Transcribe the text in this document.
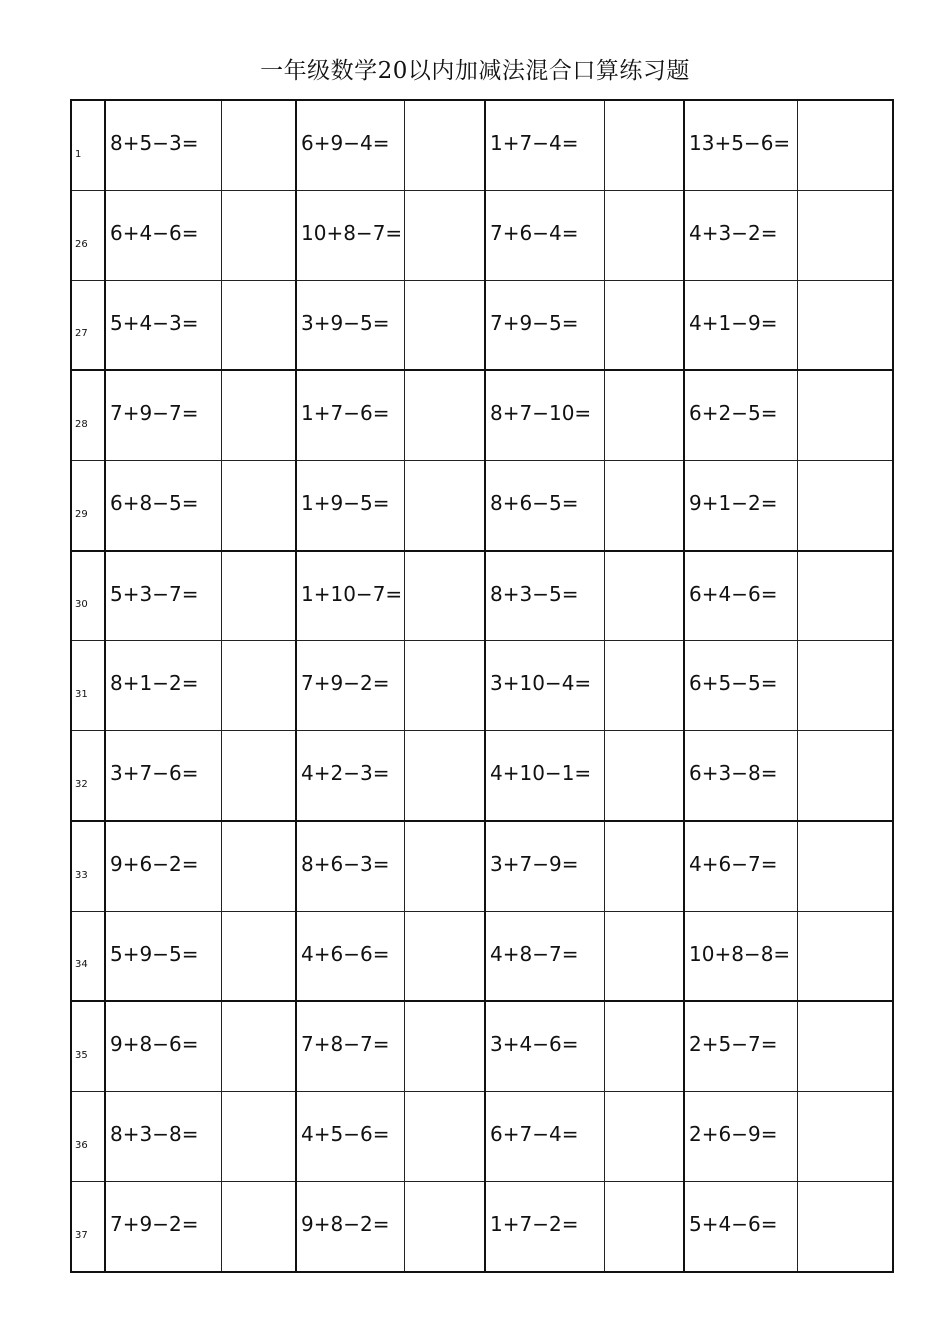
一年级数学20以内加减法混合口算练习题
1	8+5−3=		6+9−4=		1+7−4=		13+5−6=	
26	6+4−6=		10+8−7=		7+6−4=		4+3−2=	
27	5+4−3=		3+9−5=		7+9−5=		4+1−9=	
28	7+9−7=		1+7−6=		8+7−10=		6+2−5=	
29	6+8−5=		1+9−5=		8+6−5=		9+1−2=	
30	5+3−7=		1+10−7=		8+3−5=		6+4−6=	
31	8+1−2=		7+9−2=		3+10−4=		6+5−5=	
32	3+7−6=		4+2−3=		4+10−1=		6+3−8=	
33	9+6−2=		8+6−3=		3+7−9=		4+6−7=	
34	5+9−5=		4+6−6=		4+8−7=		10+8−8=	
35	9+8−6=		7+8−7=		3+4−6=		2+5−7=	
36	8+3−8=		4+5−6=		6+7−4=		2+6−9=	
37	7+9−2=		9+8−2=		1+7−2=		5+4−6=	
